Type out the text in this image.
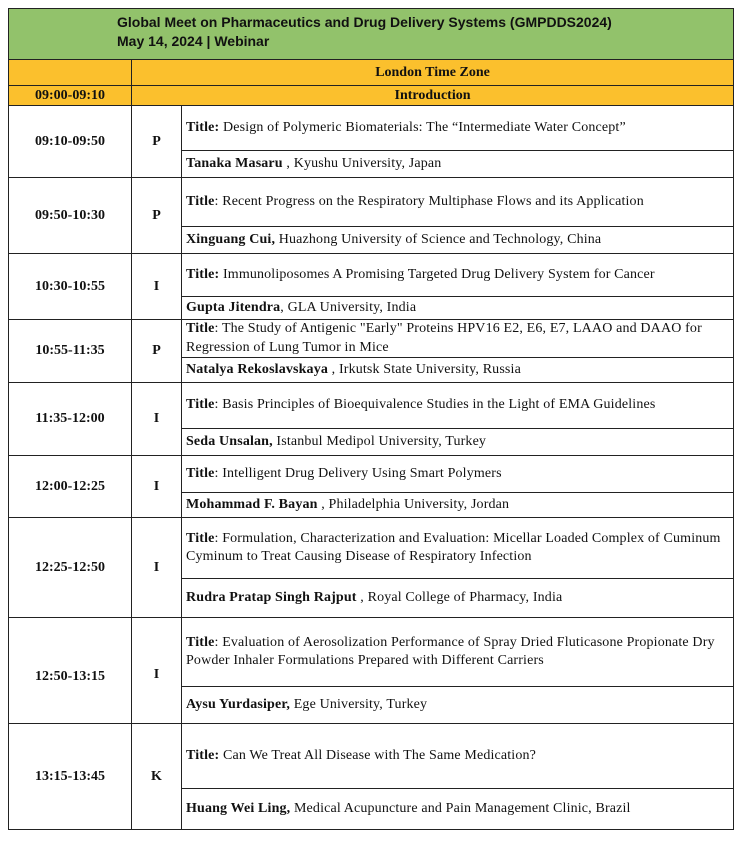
Global Meet on Pharmaceutics and Drug Delivery Systems (GMPDDS2024)
May 14, 2024 | Webinar		

	London Time Zone	
09:00-09:10	Introduction	
09:10-09:50	P	Title: Design of Polymeric Biomaterials: The “Intermediate Water Concept”
		Tanaka Masaru , Kyushu University, Japan
09:50-10:30	P	Title: Recent Progress on the Respiratory Multiphase Flows and its Application
		Xinguang Cui, Huazhong University of Science and Technology, China
10:30-10:55	I	Title: Immunoliposomes A Promising Targeted Drug Delivery System for Cancer
		Gupta Jitendra, GLA University, India
10:55-11:35	P	Title: The Study of Antigenic "Early" Proteins HPV16 E2, E6, E7, LAAO and DAAO for Regression of Lung Tumor in Mice
		Natalya Rekoslavskaya , Irkutsk State University, Russia
11:35-12:00	I	Title: Basis Principles of Bioequivalence Studies in the Light of EMA Guidelines
		Seda Unsalan, Istanbul Medipol University, Turkey
12:00-12:25	I	Title: Intelligent Drug Delivery Using Smart Polymers
		Mohammad F. Bayan , Philadelphia University, Jordan
12:25-12:50	I	Title: Formulation, Characterization and Evaluation: Micellar Loaded Complex of Cuminum Cyminum to Treat Causing Disease of Respiratory Infection
		Rudra Pratap Singh Rajput , Royal College of Pharmacy, India
12:50-13:15	I	Title: Evaluation of Aerosolization Performance of Spray Dried Fluticasone Propionate Dry Powder Inhaler Formulations Prepared with Different Carriers
		Aysu Yurdasiper, Ege University, Turkey
13:15-13:45	K	Title: Can We Treat All Disease with The Same Medication?
		Huang Wei Ling, Medical Acupuncture and Pain Management Clinic, Brazil
